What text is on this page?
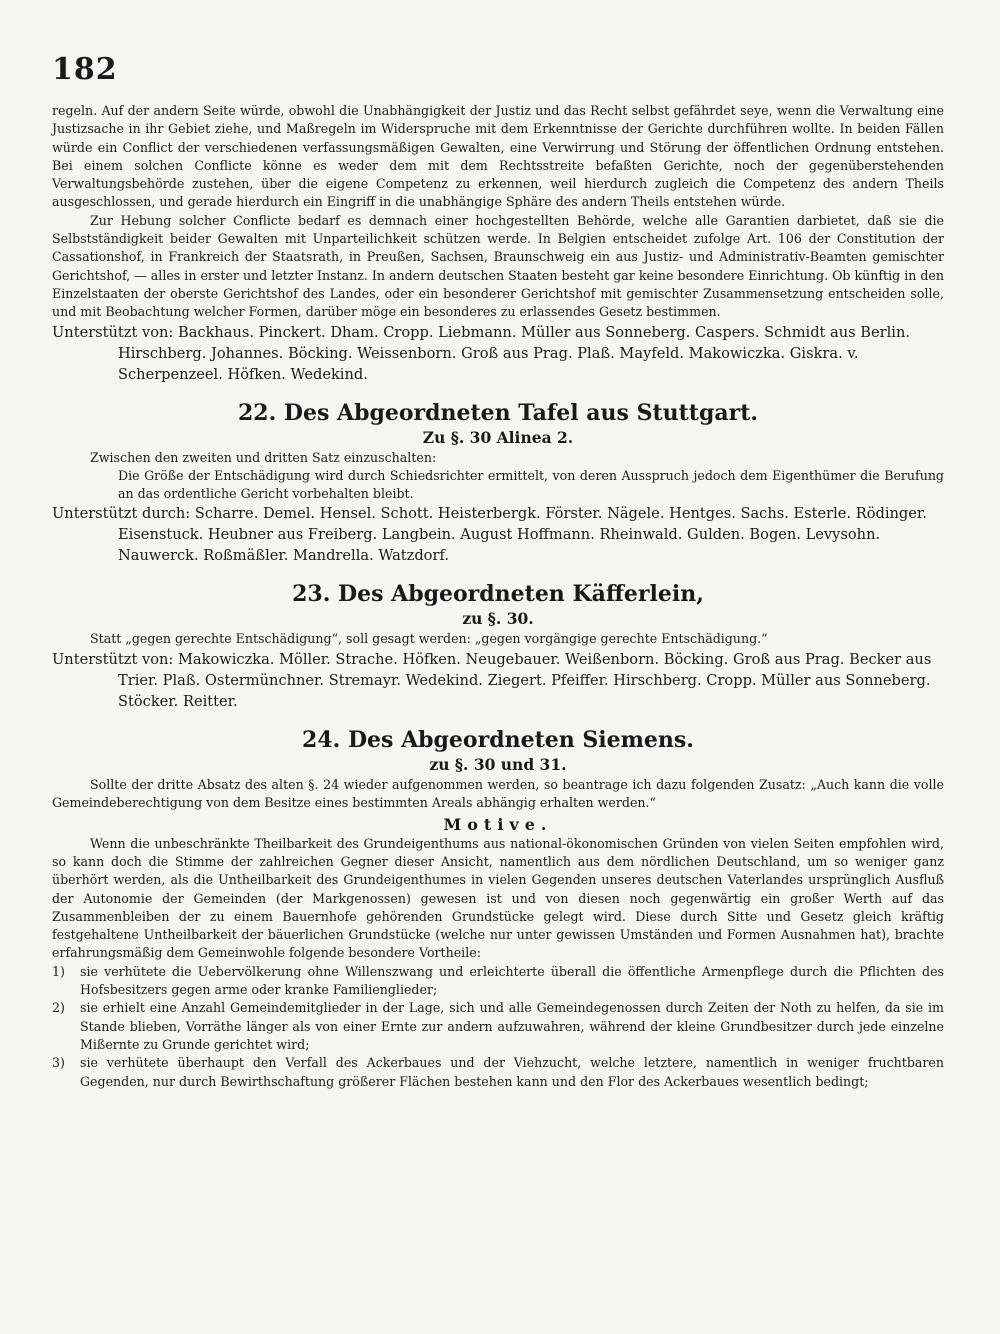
182

regeln. Auf der andern Seite würde, obwohl die Unabhängigkeit der Justiz und das Recht selbst gefährdet seye, wenn die Verwaltung eine Justizsache in ihr Gebiet ziehe, und Maßregeln im Widerspruche mit dem Erkenntnisse der Gerichte durchführen wollte. In beiden Fällen würde ein Conflict der verschiedenen verfassungsmäßigen Gewalten, eine Verwirrung und Störung der öffentlichen Ordnung entstehen. Bei einem solchen Conflicte könne es weder dem mit dem Rechtsstreite befaßten Gerichte, noch der gegenüberstehenden Verwaltungsbehörde zustehen, über die eigene Competenz zu erkennen, weil hierdurch zugleich die Competenz des andern Theils ausgeschlossen, und gerade hierdurch ein Eingriff in die unabhängige Sphäre des andern Theils entstehen würde.

Zur Hebung solcher Conflicte bedarf es demnach einer hochgestellten Behörde, welche alle Garantien darbietet, daß sie die Selbstständigkeit beider Gewalten mit Unparteilichkeit schützen werde. In Belgien entscheidet zufolge Art. 106 der Constitution der Cassationshof, in Frankreich der Staatsrath, in Preußen, Sachsen, Braunschweig ein aus Justiz- und Administrativ-Beamten gemischter Gerichtshof, — alles in erster und letzter Instanz. In andern deutschen Staaten besteht gar keine besondere Einrichtung. Ob künftig in den Einzelstaaten der oberste Gerichtshof des Landes, oder ein besonderer Gerichtshof mit gemischter Zusammensetzung entscheiden solle, und mit Beobachtung welcher Formen, darüber möge ein besonderes zu erlassendes Gesetz bestimmen.

Unterstützt von: Backhaus. Pinckert. Dham. Cropp. Liebmann. Müller aus Sonneberg. Caspers. Schmidt aus Berlin. Hirschberg. Johannes. Böcking. Weissenborn. Groß aus Prag. Plaß. Mayfeld. Makowiczka. Giskra. v. Scherpenzeel. Höfken. Wedekind.

22. Des Abgeordneten Tafel aus Stuttgart.
Zu §. 30 Alinea 2.

Zwischen den zweiten und dritten Satz einzuschalten:

Die Größe der Entschädigung wird durch Schiedsrichter ermittelt, von deren Ausspruch jedoch dem Eigenthümer die Berufung an das ordentliche Gericht vorbehalten bleibt.

Unterstützt durch: Scharre. Demel. Hensel. Schott. Heisterbergk. Förster. Nägele. Hentges. Sachs. Esterle. Rödinger. Eisenstuck. Heubner aus Freiberg. Langbein. August Hoffmann. Rheinwald. Gulden. Bogen. Levysohn. Nauwerck. Roßmäßler. Mandrella. Watzdorf.

23. Des Abgeordneten Käfferlein,
zu §. 30.

Statt „gegen gerechte Entschädigung“, soll gesagt werden: „gegen vorgängige gerechte Entschädigung.“

Unterstützt von: Makowiczka. Möller. Strache. Höfken. Neugebauer. Weißenborn. Böcking. Groß aus Prag. Becker aus Trier. Plaß. Ostermünchner. Stremayr. Wedekind. Ziegert. Pfeiffer. Hirschberg. Cropp. Müller aus Sonneberg. Stöcker. Reitter.

24. Des Abgeordneten Siemens.
zu §. 30 und 31.

Sollte der dritte Absatz des alten §. 24 wieder aufgenommen werden, so beantrage ich dazu folgenden Zusatz: „Auch kann die volle Gemeindeberechtigung von dem Besitze eines bestimmten Areals abhängig erhalten werden.“

Motive.

Wenn die unbeschränkte Theilbarkeit des Grundeigenthums aus national-ökonomischen Gründen von vielen Seiten empfohlen wird, so kann doch die Stimme der zahlreichen Gegner dieser Ansicht, namentlich aus dem nördlichen Deutschland, um so weniger ganz überhört werden, als die Untheilbarkeit des Grundeigenthumes in vielen Gegenden unseres deutschen Vaterlandes ursprünglich Ausfluß der Autonomie der Gemeinden (der Markgenossen) gewesen ist und von diesen noch gegenwärtig ein großer Werth auf das Zusammenbleiben der zu einem Bauernhofe gehörenden Grundstücke gelegt wird. Diese durch Sitte und Gesetz gleich kräftig festgehaltene Untheilbarkeit der bäuerlichen Grundstücke (welche nur unter gewissen Umständen und Formen Ausnahmen hat), brachte erfahrungsmäßig dem Gemeinwohle folgende besondere Vortheile:

1) sie verhütete die Uebervölkerung ohne Willenszwang und erleichterte überall die öffentliche Armenpflege durch die Pflichten des Hofsbesitzers gegen arme oder kranke Familienglieder;
2) sie erhielt eine Anzahl Gemeindemitglieder in der Lage, sich und alle Gemeindegenossen durch Zeiten der Noth zu helfen, da sie im Stande blieben, Vorräthe länger als von einer Ernte zur andern aufzuwahren, während der kleine Grundbesitzer durch jede einzelne Mißernte zu Grunde gerichtet wird;
3) sie verhütete überhaupt den Verfall des Ackerbaues und der Viehzucht, welche letztere, namentlich in weniger fruchtbaren Gegenden, nur durch Bewirthschaftung größerer Flächen bestehen kann und den Flor des Ackerbaues wesentlich bedingt;
